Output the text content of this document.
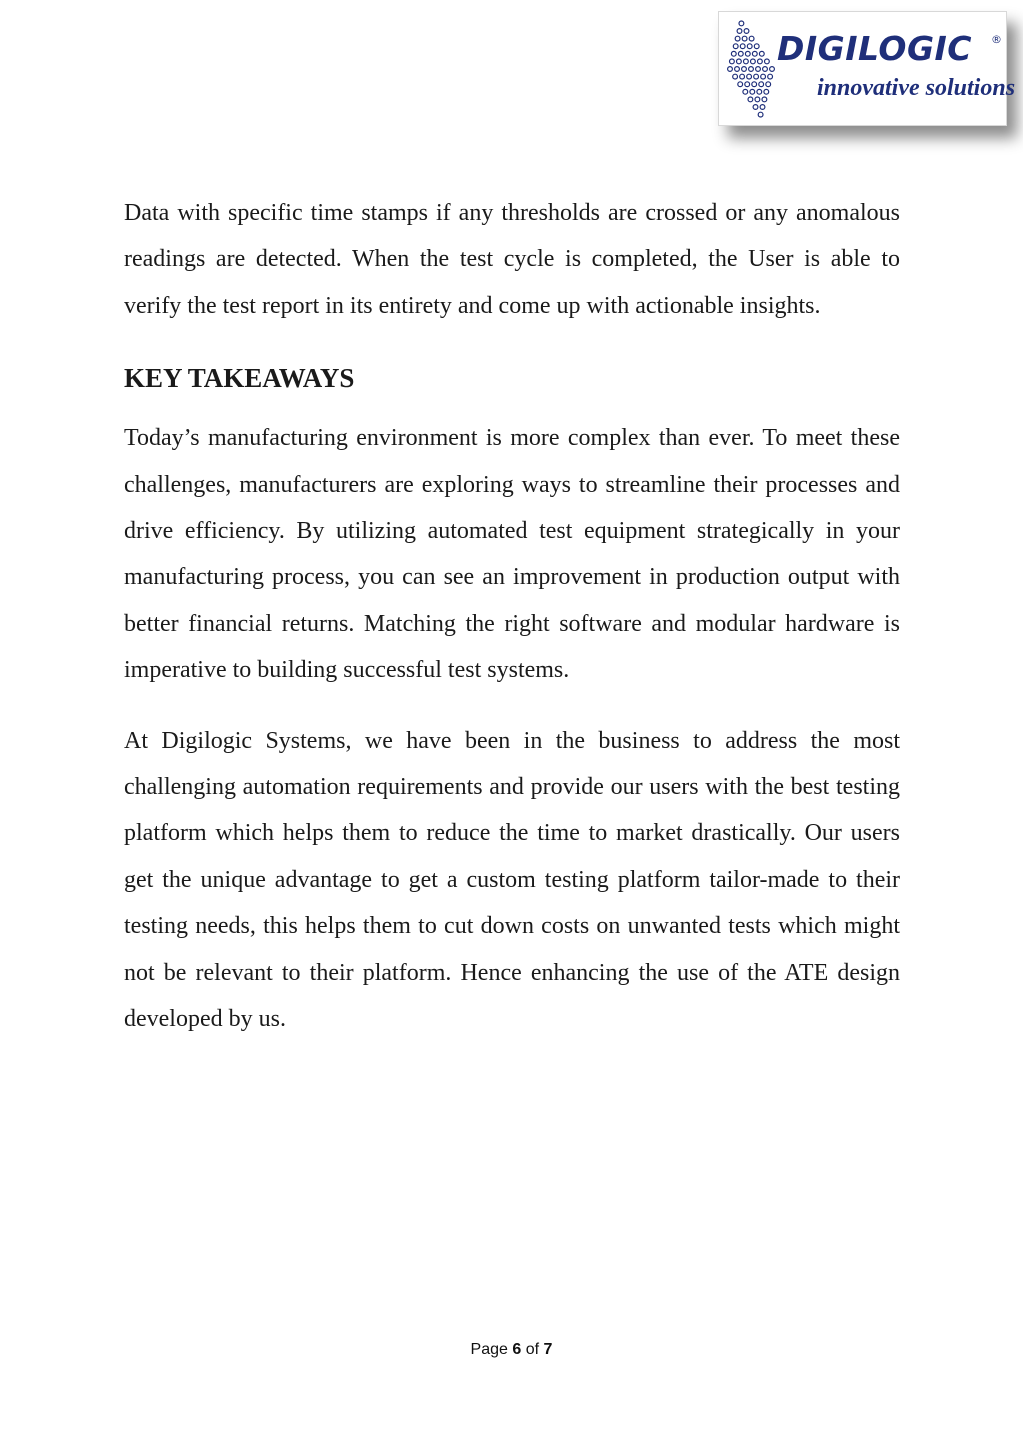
DIGILOGIC ®
innovative solutions

Data with specific time stamps if any thresholds are crossed or any anomalous readings are detected. When the test cycle is completed, the User is able to verify the test report in its entirety and come up with actionable insights.

KEY TAKEAWAYS

Today’s manufacturing environment is more complex than ever. To meet these challenges, manufacturers are exploring ways to streamline their processes and drive efficiency. By utilizing automated test equipment strategically in your manufacturing process, you can see an improvement in production output with better financial returns. Matching the right software and modular hardware is imperative to building successful test systems.

At Digilogic Systems, we have been in the business to address the most challenging automation requirements and provide our users with the best testing platform which helps them to reduce the time to market drastically. Our users get the unique advantage to get a custom testing platform tailor-made to their testing needs, this helps them to cut down costs on unwanted tests which might not be relevant to their platform. Hence enhancing the use of the ATE design developed by us.

Page 6 of 7
